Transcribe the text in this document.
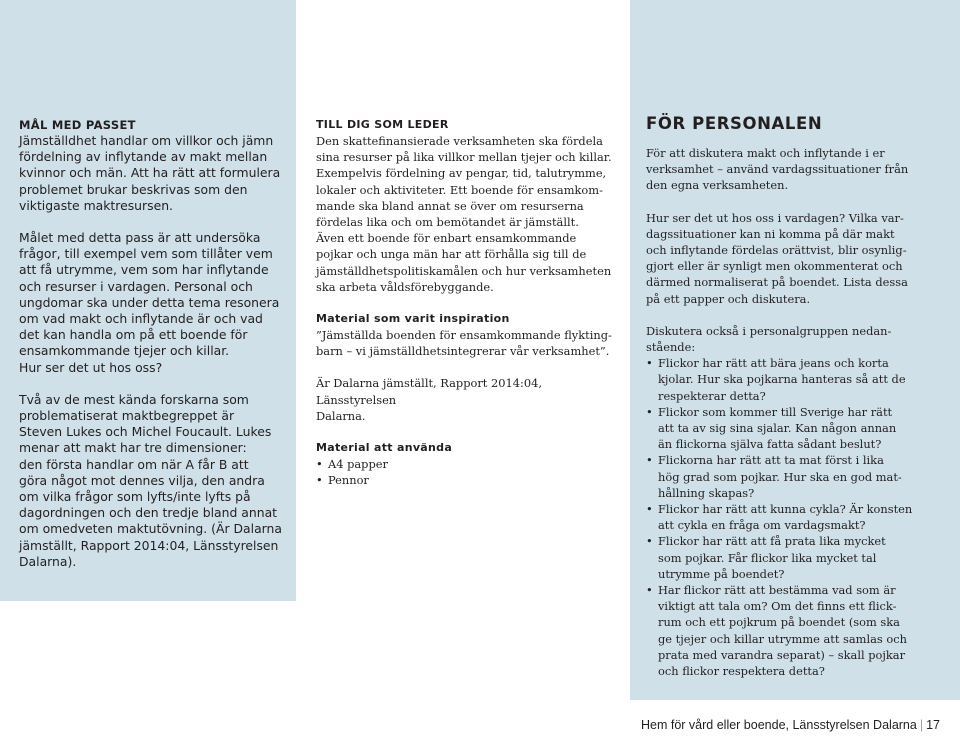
MÅL MED PASSET

Jämställdhet handlar om villkor och jämn
fördelning av inflytande av makt mellan
kvinnor och män. Att ha rätt att formulera
problemet brukar beskrivas som den
viktigaste maktresursen.

Målet med detta pass är att undersöka
frågor, till exempel vem som tillåter vem
att få utrymme, vem som har inflytande
och resurser i vardagen. Personal och
ungdomar ska under detta tema resonera
om vad makt och inflytande är och vad
det kan handla om på ett boende för
ensamkommande tjejer och killar.
Hur ser det ut hos oss?

Två av de mest kända forskarna som
problematiserat maktbegreppet är
Steven Lukes och Michel Foucault. Lukes
menar att makt har tre dimensioner:
den första handlar om när A får B att
göra något mot dennes vilja, den andra
om vilka frågor som lyfts/inte lyfts på
dagordningen och den tredje bland annat
om omedveten maktutövning. (Är Dalarna
jämställt, Rapport 2014:04, Länsstyrelsen
Dalarna).

TILL DIG SOM LEDER

Den skattefinansierade verksamheten ska fördela
sina resurser på lika villkor mellan tjejer och killar.
Exempelvis fördelning av pengar, tid, talutrymme,
lokaler och aktiviteter. Ett boende för ensamkom-
mande ska bland annat se över om resurserna
fördelas lika och om bemötandet är jämställt.
Även ett boende för enbart ensamkommande
pojkar och unga män har att förhålla sig till de
jämställdhetspolitiskamålen och hur verksamheten
ska arbeta våldsförebyggande.

Material som varit inspiration

”Jämställda boenden för ensamkommande flykting-
barn – vi jämställdhetsintegrerar vår verksamhet”.

Är Dalarna jämställt, Rapport 2014:04, Länsstyrelsen
Dalarna.

Material att använda
• A4 papper
• Pennor
FÖR PERSONALEN

För att diskutera makt och inflytande i er
verksamhet – använd vardagssituationer från
den egna verksamheten.

Hur ser det ut hos oss i vardagen? Vilka var-
dagssituationer kan ni komma på där makt
och inflytande fördelas orättvist, blir osynlig-
gjort eller är synligt men okommenterat och
därmed normaliserat på boendet. Lista dessa
på ett papper och diskutera.

Diskutera också i personalgruppen nedan-
stående:

• Flickor har rätt att bära jeans och korta
kjolar. Hur ska pojkarna hanteras så att de
respekterar detta?
• Flickor som kommer till Sverige har rätt
att ta av sig sina sjalar. Kan någon annan
än flickorna själva fatta sådant beslut?
• Flickorna har rätt att ta mat först i lika
hög grad som pojkar. Hur ska en god mat-
hållning skapas?
• Flickor har rätt att kunna cykla? Är konsten
att cykla en fråga om vardagsmakt?
• Flickor har rätt att få prata lika mycket
som pojkar. Får flickor lika mycket tal
utrymme på boendet?
• Har flickor rätt att bestämma vad som är
viktigt att tala om? Om det finns ett flick-
rum och ett pojkrum på boendet (som ska
ge tjejer och killar utrymme att samlas och
prata med varandra separat) – skall pojkar
och flickor respektera detta?
Hem för vård eller boende, Länsstyrelsen Dalarna | 17
